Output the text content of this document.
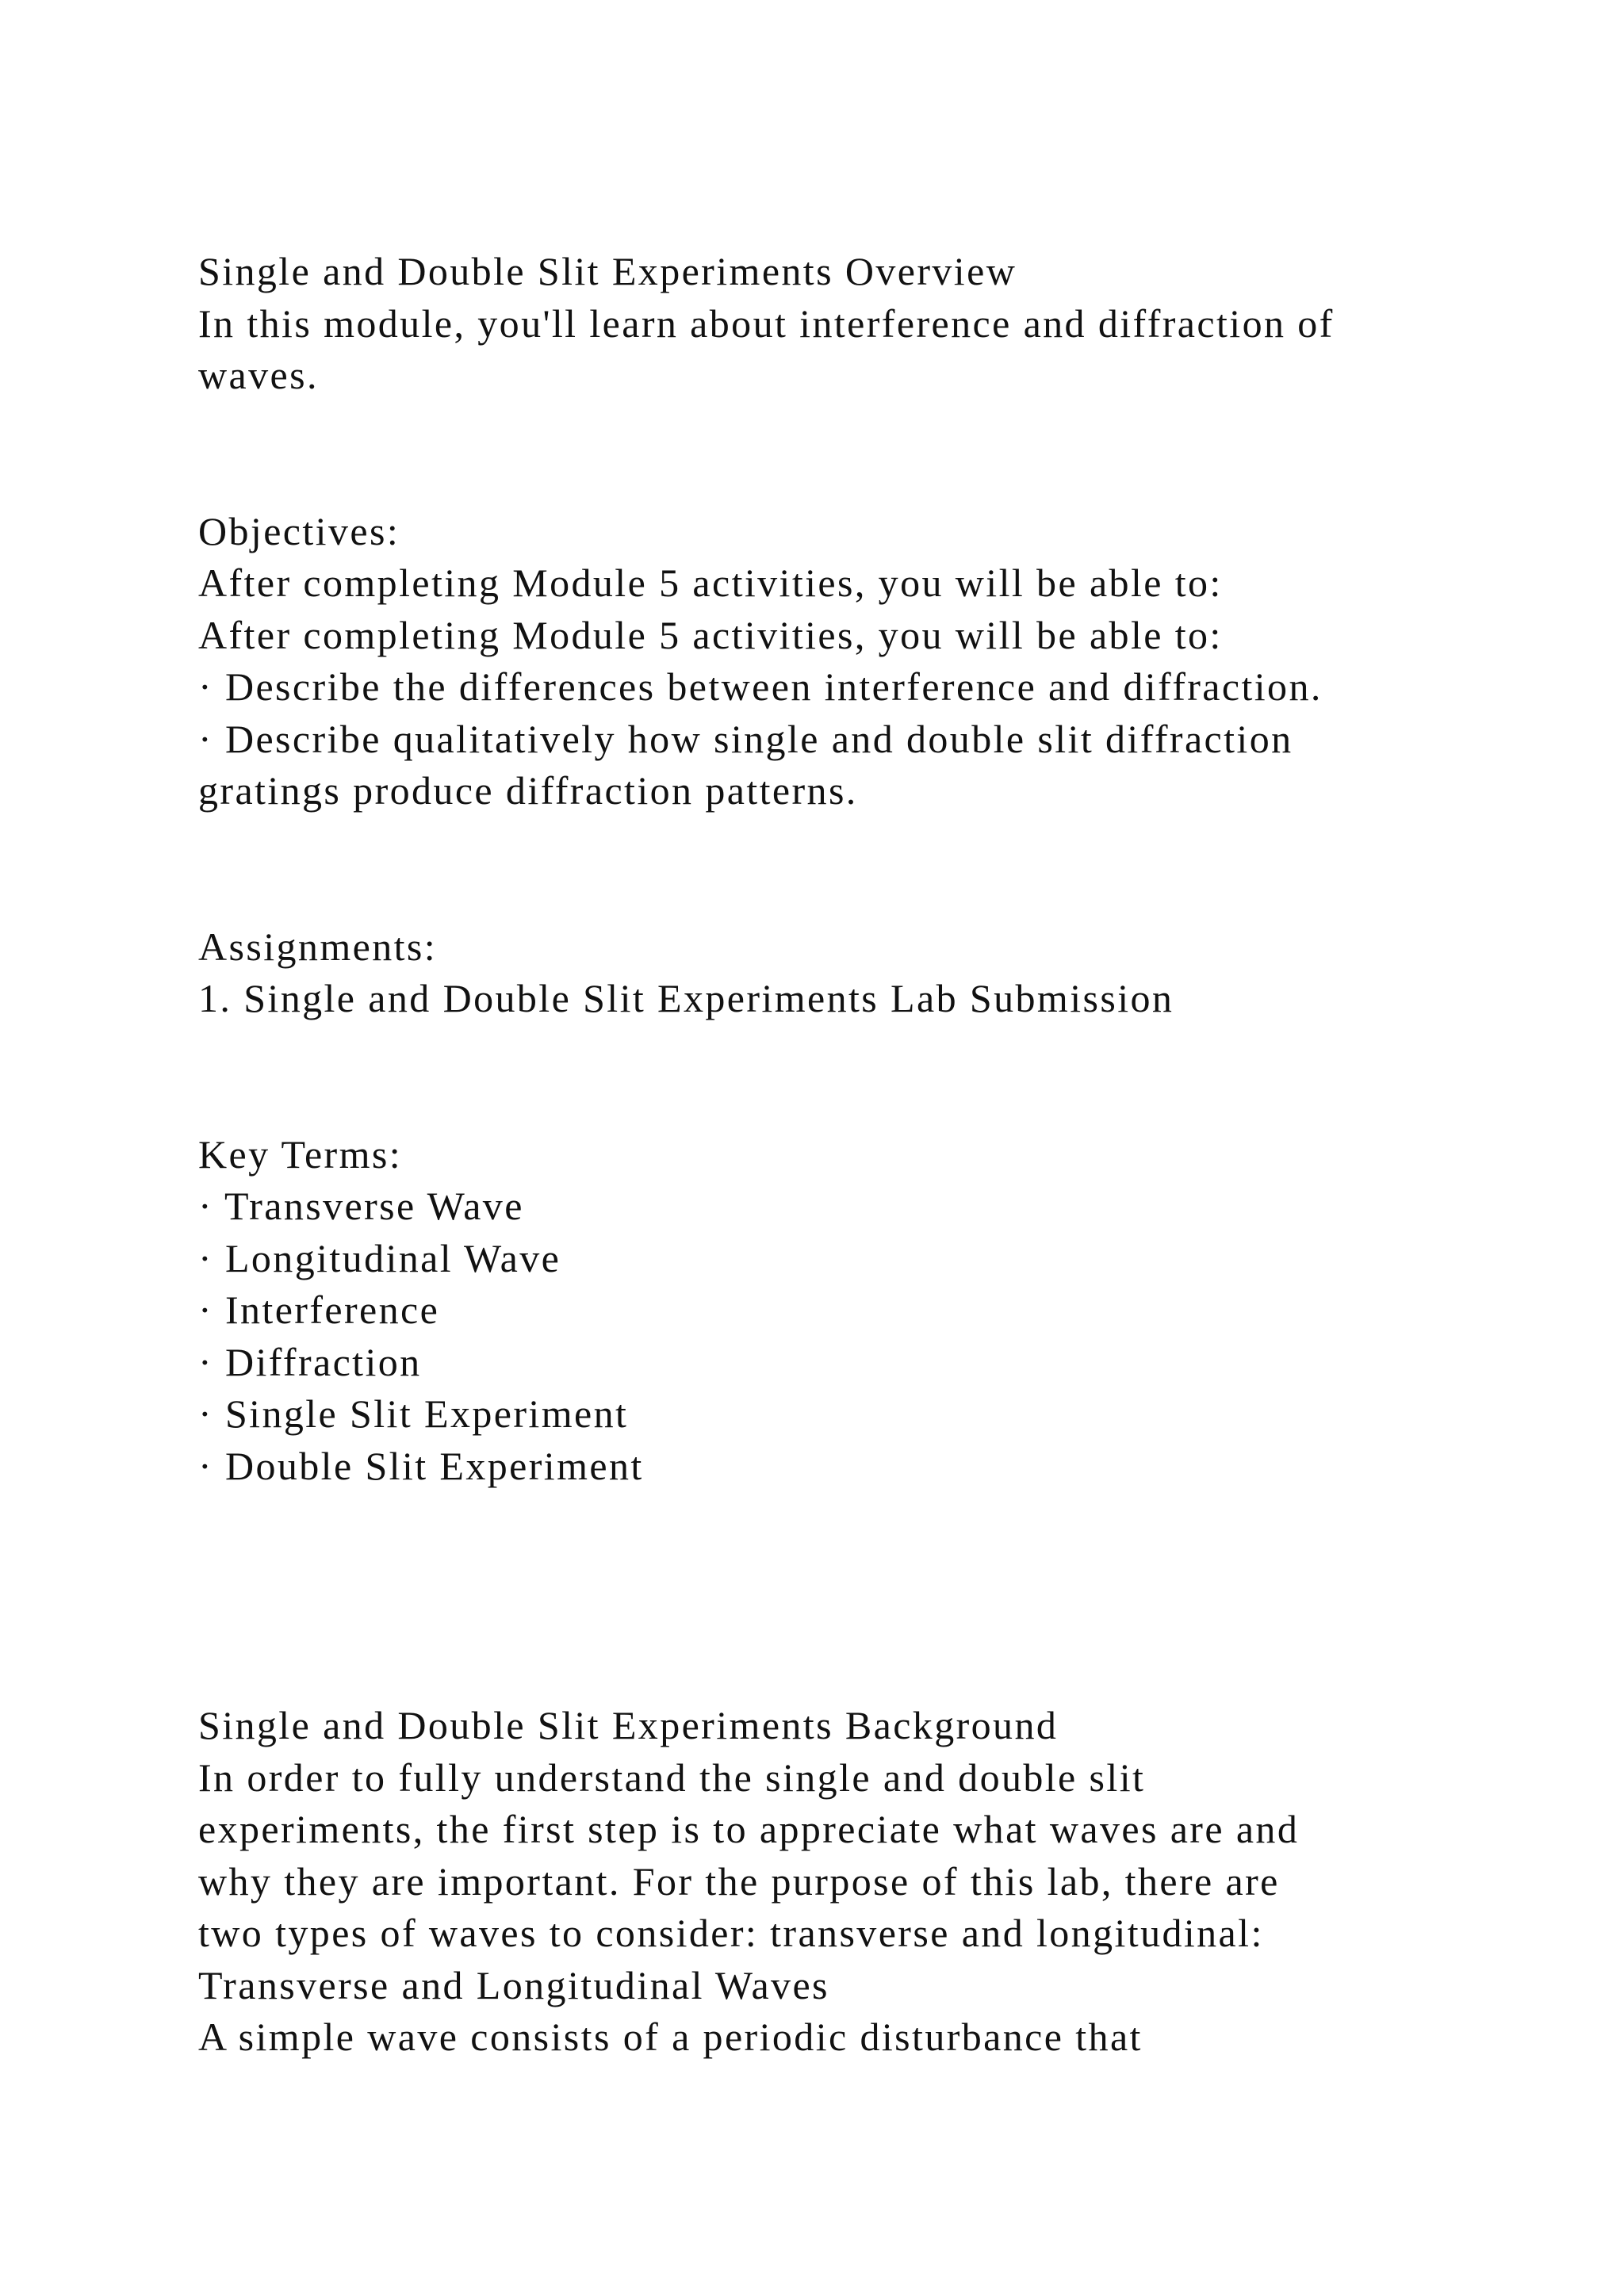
Single and Double Slit Experiments Overview
In this module, you'll learn about interference and diffraction of
waves.
Objectives:
After completing Module 5 activities, you will be able to:
After completing Module 5 activities, you will be able to:
· Describe the differences between interference and diffraction.
· Describe qualitatively how single and double slit diffraction
gratings produce diffraction patterns.
Assignments:
1. Single and Double Slit Experiments Lab Submission
Key Terms:
· Transverse Wave
· Longitudinal Wave
· Interference
· Diffraction
· Single Slit Experiment
· Double Slit Experiment
Single and Double Slit Experiments Background
In order to fully understand the single and double slit
experiments, the first step is to appreciate what waves are and
why they are important. For the purpose of this lab, there are
two types of waves to consider: transverse and longitudinal:
Transverse and Longitudinal Waves
A simple wave consists of a periodic disturbance that
